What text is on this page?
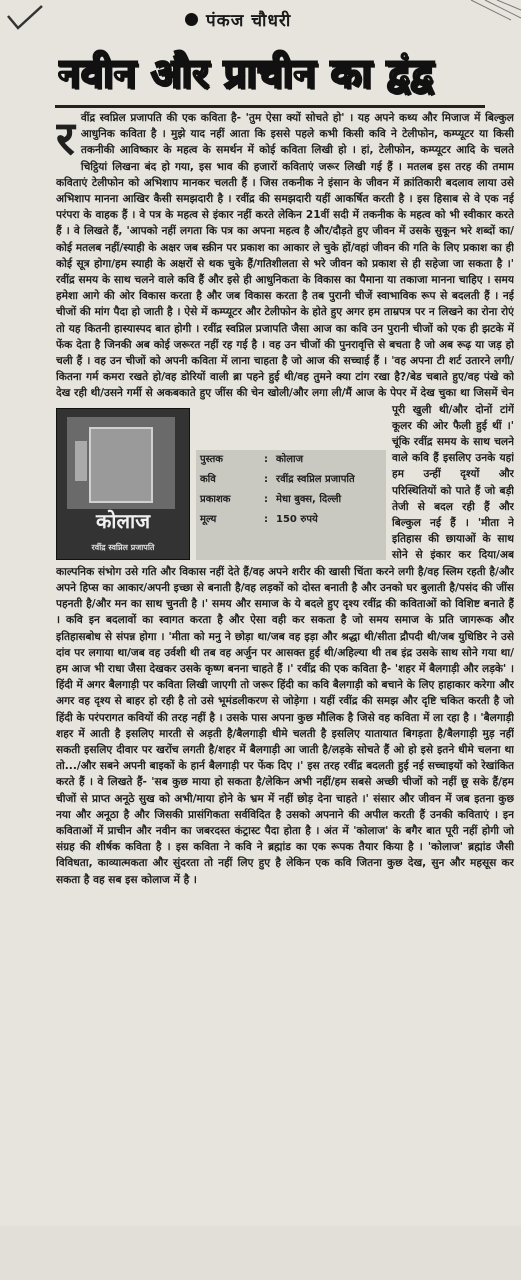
पंकज चौधरी
नवीन और प्राचीन का द्वंद्व
र वींद्र स्वप्निल प्रजापति की एक कविता है- 'तुम ऐसा क्यों सोचते हो' । यह अपने कथ्य और मिजाज में बिल्कुल आधुनिक कविता है । मुझे याद नहीं आता कि इससे पहले कभी किसी कवि ने टेलीफोन, कम्प्यूटर या किसी तकनीकी आविष्कार के महत्व के समर्थन में कोई कविता लिखी हो । हां, टेलीफोन, कम्प्यूटर आदि के चलते चिट्ठियां लिखना बंद हो गया, इस भाव की हजारों कविताएं जरूर लिखी गई हैं । मतलब इस तरह की तमाम कविताएं टेलीफोन को अभिशाप मानकर चलती हैं । जिस तकनीक ने इंसान के जीवन में क्रांतिकारी बदलाव लाया उसे अभिशाप मानना आखिर कैसी समझदारी है । रवींद्र की समझदारी यहीं आकर्षित करती है । इस हिसाब से वे एक नई परंपरा के वाहक हैं । वे पत्र के महत्व से इंकार नहीं करते लेकिन 21वीं सदी में तकनीक के महत्व को भी स्वीकार करते हैं । वे लिखते हैं, 'आपको नहीं लगता कि पत्र का अपना महत्व है और/दौड़ते हुए जीवन में उसके सुकून भरे शब्दों का/कोई मतलब नहीं/स्याही के अक्षर जब स्क्रीन पर प्रकाश का आकार ले चुके हों/वहां जीवन की गति के लिए प्रकाश का ही कोई सूत्र होगा/हम स्याही के अक्षरों से थक चुके हैं/गतिशीलता से भरे जीवन को प्रकाश से ही सहेजा जा सकता है ।' रवींद्र समय के साथ चलने वाले कवि हैं और इसे ही आधुनिकता के विकास का पैमाना या तकाजा मानना चाहिए । समय हमेशा आगे की ओर विकास करता है और जब विकास करता है तब पुरानी चीजें स्वाभाविक रूप से बदलती हैं । नई चीजों की मांग पैदा हो जाती है । ऐसे में कम्प्यूटर और टेलीफोन के होते हुए अगर हम ताम्रपत्र पर न लिखने का रोना रोएं तो यह कितनी हास्यास्पद बात होगी । रवींद्र स्वप्निल प्रजापति जैसा आज का कवि उन पुरानी चीजों को एक ही झटके में फेंक देता है जिनकी अब कोई जरूरत नहीं रह गई है । वह उन चीजों की पुनरावृत्ति से बचता है जो अब रूढ़ या जड़ हो चली हैं । वह उन चीजों को अपनी कविता में लाना चाहता है जो आज की सच्चाई हैं । 'वह अपना टी शर्ट उतारने लगी/कितना गर्म कमरा रखते हो/वह डोरियों वाली ब्रा पहने हुई थी/वह तुमने क्या टांग रखा है?/बेड चबाते हुए/वह पंखे को देख रही थी/उसने गर्मी से अकबकाते हुए जींस की चेन खोली/और
कोलाज
रवींद्र स्वप्निल प्रजापति
पुस्तक	: कोलाज
कवि	: रवींद्र स्वप्निल प्रजापति
प्रकाशक	: मेधा बुक्स, दिल्ली
मूल्य	: 150 रुपये
लगा ली/मैं आज के पेपर में देख चुका था जिसमें चेन पूरी खुली थी/और दोनों टांगें कूलर की ओर फैली हुई थीं ।' चूंकि रवींद्र समय के साथ चलने वाले कवि हैं इसलिए उनके यहां हम उन्हीं दृश्यों और परिस्थितियों को पाते हैं जो बड़ी तेजी से बदल रही हैं और बिल्कुल नई हैं । 'मीता ने इतिहास की छायाओं के साथ सोने से इंकार कर दिया/अब काल्पनिक संभोग उसे गति और विकास नहीं देते हैं/वह अपने शरीर की खासी चिंता करने लगी है/वह स्लिम रहती है/और अपने हिप्स का आकार/अपनी इच्छा से बनाती है/वह लड़कों को दोस्त बनाती है और उनको घर बुलाती है/पसंद की जींस पहनती है/और मन का साथ चुनती है ।' समय और समाज के ये बदले हुए दृश्य रवींद्र की कविताओं को विशिष्ट बनाते हैं । कवि इन बदलावों का स्वागत करता है और ऐसा वही कर सकता है जो समय समाज के प्रति जागरूक और इतिहासबोध से संपन्न होगा । 'मीता को मनु ने छोड़ा था/जब वह इड़ा और श्रद्धा थी/सीता द्रौपदी थी/जब युधिष्ठिर ने उसे दांव पर लगाया था/जब वह उर्वशी थी तब वह अर्जुन पर आसक्त हुई थी/अहिल्या थी तब इंद्र उसके साथ सोने गया था/हम आज भी राधा जैसा देखकर उसके कृष्ण बनना चाहते हैं ।' रवींद्र की एक कविता है- 'शहर में बैलगाड़ी और लड़के' । हिंदी में अगर बैलगाड़ी पर कविता लिखी जाएगी तो जरूर हिंदी का कवि बैलगाड़ी को बचाने के लिए हाहाकार करेगा और अगर वह दृश्य से बाहर हो रही है तो उसे भूमंडलीकरण से जोड़ेगा । यहीं रवींद्र की समझ और दृष्टि चकित करती है जो हिंदी के परंपरागत कवियों की तरह नहीं है । उसके पास अपना कुछ मौलिक है जिसे वह कविता में ला रहा है । 'बैलगाड़ी शहर में आती है इसलिए मारती से अड़ती है/बैलगाड़ी धीमे चलती है इसलिए यातायात बिगड़ता है/बैलगाड़ी मुड़ नहीं सकती इसलिए दीवार पर खरोंच लगती है/शहर में बैलगाड़ी आ जाती है/लड़के सोचते हैं ओ हो इसे इतने धीमे चलना था तो.../और सबने अपनी बाइकों के हार्न बैलगाड़ी पर फेंक दिए ।' इस तरह रवींद्र बदलती हुई नई सच्चाइयों को रेखांकित करते हैं । वे लिखते हैं- 'सब कुछ माया हो सकता है/लेकिन अभी नहीं/हम सबसे अच्छी चीजों को नहीं छू सके हैं/हम चीजों से प्राप्त अनूठे सुख को अभी/माया होने के भ्रम में नहीं छोड़ देना चाहते ।' संसार और जीवन में जब इतना कुछ नया और अनूठा है और जिसकी प्रासंगिकता सर्वविदित है उसको अपनाने की अपील करती हैं उनकी कविताएं । इन कविताओं में प्राचीन और नवीन का जबरदस्त कंट्रास्ट पैदा होता है । अंत में 'कोलाज' के बगैर बात पूरी नहीं होगी जो संग्रह की शीर्षक कविता है । इस कविता ने कवि ने ब्रह्मांड का एक रूपक तैयार किया है । 'कोलाज' ब्रह्मांड जैसी विविधता, काव्यात्मकता और सुंदरता तो नहीं लिए हुए है लेकिन एक कवि जितना कुछ देख, सुन और महसूस कर सकता है वह सब इस कोलाज में है ।
